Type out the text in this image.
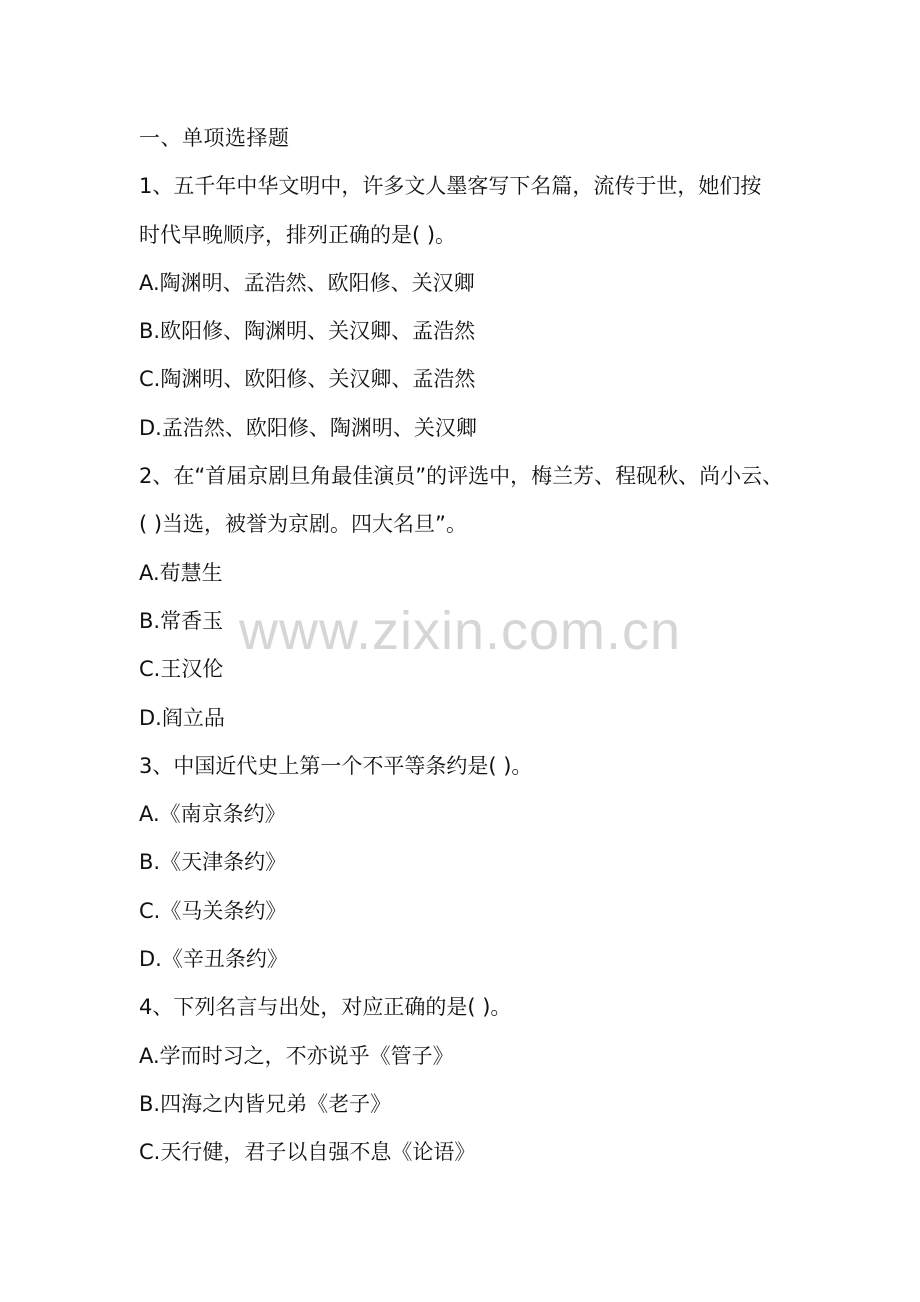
一、单项选择题
1、五千年中华文明中，许多文人墨客写下名篇，流传于世，她们按
时代早晚顺序，排列正确的是( )。
A.陶渊明、孟浩然、欧阳修、关汉卿
B.欧阳修、陶渊明、关汉卿、孟浩然
C.陶渊明、欧阳修、关汉卿、孟浩然
D.孟浩然、欧阳修、陶渊明、关汉卿
2、在“首届京剧旦角最佳演员”的评选中，梅兰芳、程砚秋、尚小云、
( )当选，被誉为京剧。四大名旦”。
A.荀慧生
B.常香玉
C.王汉伦
D.阎立品
3、中国近代史上第一个不平等条约是( )。
A.《南京条约》
B.《天津条约》
C.《马关条约》
D.《辛丑条约》
4、下列名言与出处，对应正确的是( )。
A.学而时习之，不亦说乎《管子》
B.四海之内皆兄弟《老子》
C.天行健，君子以自强不息《论语》
www.zixin.com.cn
